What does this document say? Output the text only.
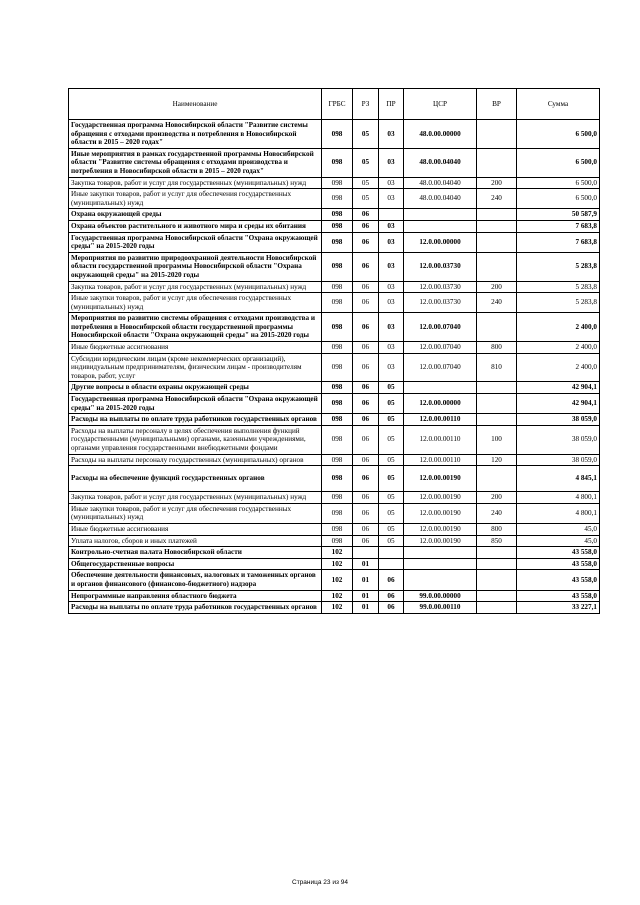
Наименование	ГРБС	РЗ	ПР	ЦСР	ВР	Сумма
Государственная программа Новосибирской области "Развитие системы обращения с отходами производства и потребления в Новосибирской области в 2015 – 2020 годах"	098	05	03	48.0.00.00000		6 500,0
Иные мероприятия в рамках государственной программы Новосибирской области "Развитие системы обращения с отходами производства и потребления в Новосибирской области в 2015 – 2020 годах"	098	05	03	48.0.00.04040		6 500,0
Закупка товаров, работ и услуг для государственных (муниципальных) нужд	098	05	03	48.0.00.04040	200	6 500,0
Иные закупки товаров, работ и услуг для обеспечения государственных (муниципальных) нужд	098	05	03	48.0.00.04040	240	6 500,0
Охрана окружающей среды	098	06				50 587,9
Охрана объектов растительного и животного мира и среды их обитания	098	06	03			7 683,8
Государственная программа Новосибирской области "Охрана окружающей среды" на 2015-2020 годы	098	06	03	12.0.00.00000		7 683,8
Мероприятия по развитию природоохранной деятельности Новосибирской области государственной программы Новосибирской области "Охрана окружающей среды" на 2015-2020 годы	098	06	03	12.0.00.03730		5 283,8
Закупка товаров, работ и услуг для государственных (муниципальных) нужд	098	06	03	12.0.00.03730	200	5 283,8
Иные закупки товаров, работ и услуг для обеспечения государственных (муниципальных) нужд	098	06	03	12.0.00.03730	240	5 283,8
Мероприятия по развитию системы обращения с отходами производства и потребления в Новосибирской области государственной программы Новосибирской области "Охрана окружающей среды" на 2015-2020 годы	098	06	03	12.0.00.07040		2 400,0
Иные бюджетные ассигнования	098	06	03	12.0.00.07040	800	2 400,0
Субсидии юридическим лицам (кроме некоммерческих организаций), индивидуальным предпринимателям, физическим лицам - производителям товаров, работ, услуг	098	06	03	12.0.00.07040	810	2 400,0
Другие вопросы в области охраны окружающей среды	098	06	05			42 904,1
Государственная программа Новосибирской области "Охрана окружающей среды" на 2015-2020 годы	098	06	05	12.0.00.00000		42 904,1
Расходы на выплаты по оплате труда работников государственных органов	098	06	05	12.0.00.00110		38 059,0
Расходы на выплаты персоналу в целях обеспечения выполнения функций государственными (муниципальными) органами, казенными учреждениями, органами управления государственными внебюджетными фондами	098	06	05	12.0.00.00110	100	38 059,0
Расходы на выплаты персоналу государственных (муниципальных) органов	098	06	05	12.0.00.00110	120	38 059,0
Расходы на обеспечение функций государственных органов	098	06	05	12.0.00.00190		4 845,1
Закупка товаров, работ и услуг для государственных (муниципальных) нужд	098	06	05	12.0.00.00190	200	4 800,1
Иные закупки товаров, работ и услуг для обеспечения государственных (муниципальных) нужд	098	06	05	12.0.00.00190	240	4 800,1
Иные бюджетные ассигнования	098	06	05	12.0.00.00190	800	45,0
Уплата налогов, сборов и иных платежей	098	06	05	12.0.00.00190	850	45,0
Контрольно-счетная палата Новосибирской области	102					43 558,0
Общегосударственные вопросы	102	01				43 558,0
Обеспечение деятельности финансовых, налоговых и таможенных органов и органов финансового (финансово-бюджетного) надзора	102	01	06			43 558,0
Непрограммные направления областного бюджета	102	01	06	99.0.00.00000		43 558,0
Расходы на выплаты по оплате труда работников государственных органов	102	01	06	99.0.00.00110		33 227,1
Страница 23 из 94
